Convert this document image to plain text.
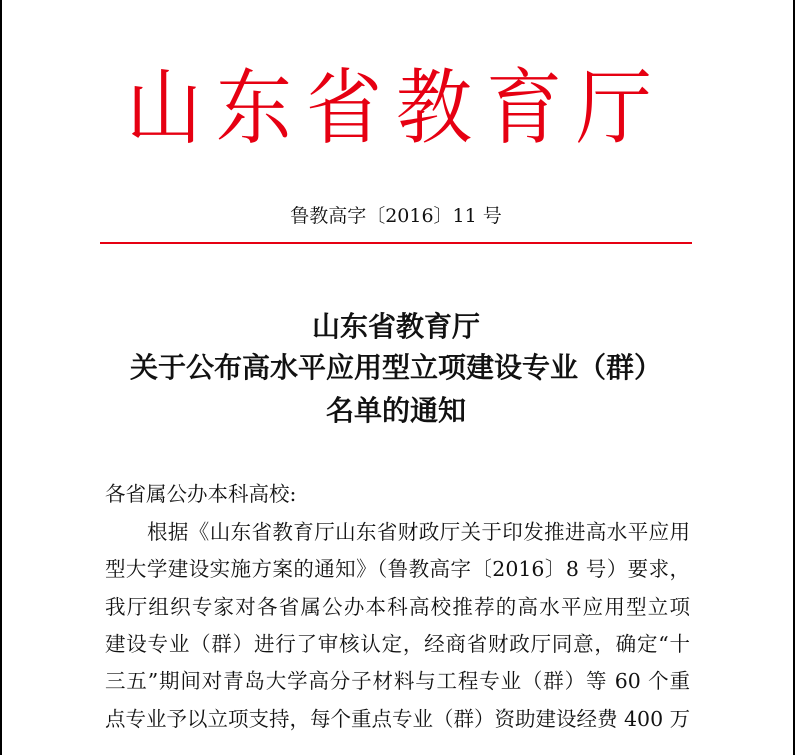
山东省教育厅
鲁教高字〔2016〕11 号
山东省教育厅
关于公布高水平应用型立项建设专业（群）
名单的通知
各省属公办本科高校:
根据《山东省教育厅山东省财政厅关于印发推进高水平应用
型大学建设实施方案的通知》（鲁教高字〔2016〕8 号）要求，
我厅组织专家对各省属公办本科高校推荐的高水平应用型立项
建设专业（群）进行了审核认定，经商省财政厅同意，确定“十
三五”期间对青岛大学高分子材料与工程专业（群）等 60 个重
点专业予以立项支持，每个重点专业（群）资助建设经费 400 万
